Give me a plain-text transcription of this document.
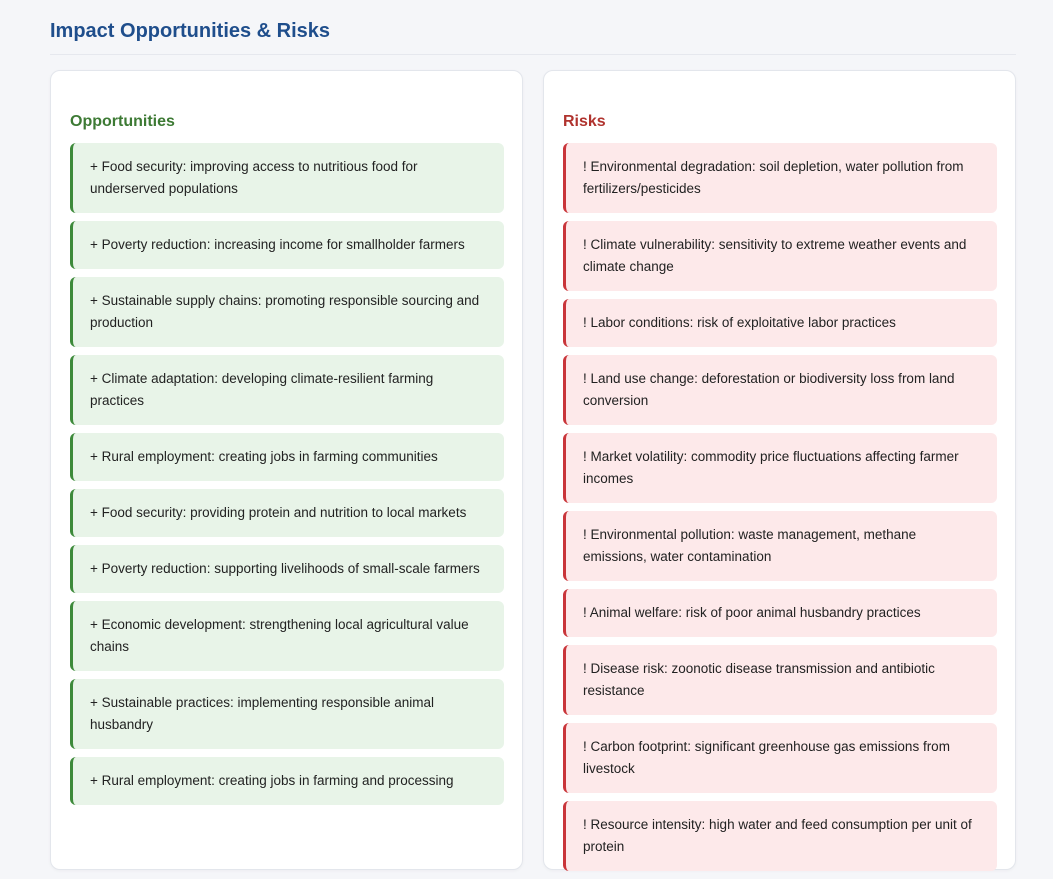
Impact Opportunities & Risks
Opportunities
+ Food security: improving access to nutritious food for underserved populations
+ Poverty reduction: increasing income for smallholder farmers
+ Sustainable supply chains: promoting responsible sourcing and production
+ Climate adaptation: developing climate-resilient farming practices
+ Rural employment: creating jobs in farming communities
+ Food security: providing protein and nutrition to local markets
+ Poverty reduction: supporting livelihoods of small-scale farmers
+ Economic development: strengthening local agricultural value chains
+ Sustainable practices: implementing responsible animal husbandry
+ Rural employment: creating jobs in farming and processing
Risks
! Environmental degradation: soil depletion, water pollution from fertilizers/pesticides
! Climate vulnerability: sensitivity to extreme weather events and climate change
! Labor conditions: risk of exploitative labor practices
! Land use change: deforestation or biodiversity loss from land conversion
! Market volatility: commodity price fluctuations affecting farmer incomes
! Environmental pollution: waste management, methane emissions, water contamination
! Animal welfare: risk of poor animal husbandry practices
! Disease risk: zoonotic disease transmission and antibiotic resistance
! Carbon footprint: significant greenhouse gas emissions from livestock
! Resource intensity: high water and feed consumption per unit of protein
